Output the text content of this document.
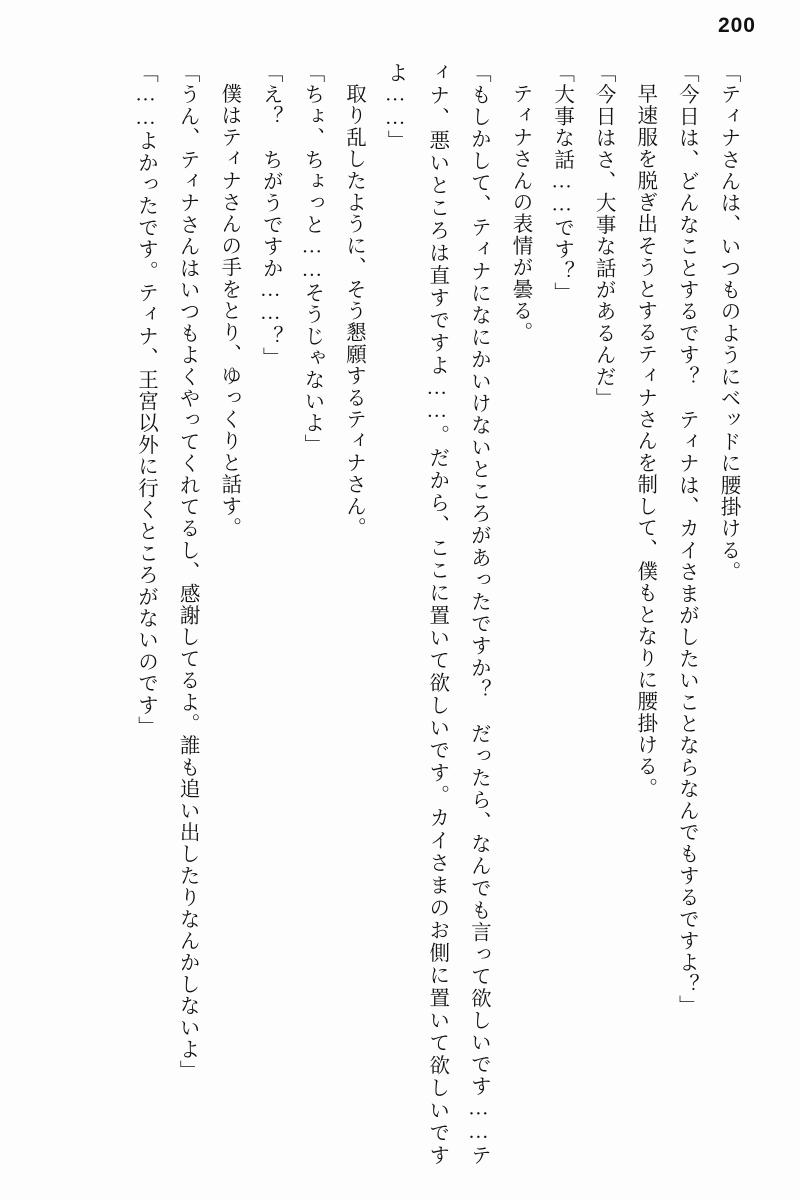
200

「ティナさんは、いつものようにベッドに腰掛ける。

「今日は、どんなことするです？　ティナは、カイさまがしたいことならなんでもするですよ？」

早速服を脱ぎ出そうとするティナさんを制して、僕もとなりに腰掛ける。

「今日はさ、大事な話があるんだ」

「大事な話……です？」

ティナさんの表情が曇る。

「もしかして、ティナになにかいけないところがあったですか？　だったら、なんでも言って欲しいです……ティナ、悪いところは直すですよ……。だから、ここに置いて欲しいです。カイさまのお側に置いて欲しいですよ……」

取り乱したように、そう懇願するティナさん。

「ちょ、ちょっと……そうじゃないよ」

「え？　ちがうですか……？」

僕はティナさんの手をとり、ゆっくりと話す。

「うん、ティナさんはいつもよくやってくれてるし、感謝してるよ。誰も追い出したりなんかしないよ」

「……よかったです。ティナ、王宮以外に行くところがないのです」
